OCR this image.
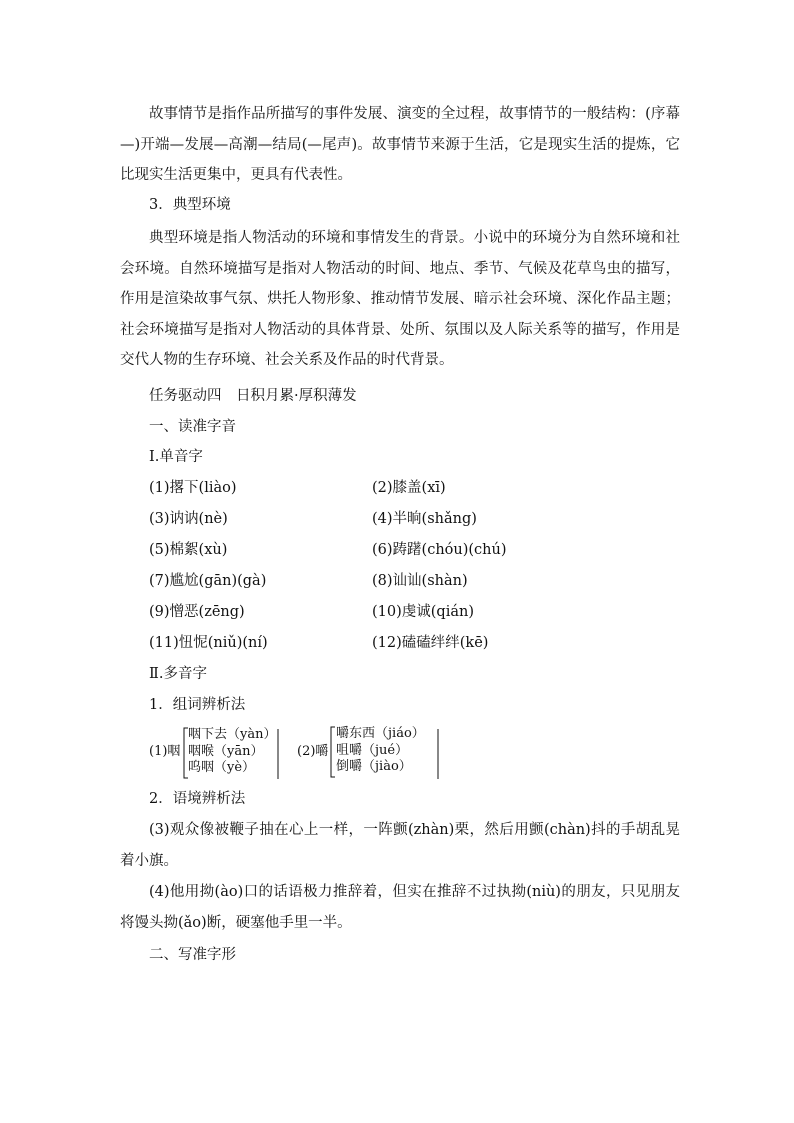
故事情节是指作品所描写的事件发展、演变的全过程，故事情节的一般结构：(序幕—)开端—发展—高潮—结局(—尾声)。故事情节来源于生活，它是现实生活的提炼，它比现实生活更集中，更具有代表性。

3．典型环境

典型环境是指人物活动的环境和事情发生的背景。小说中的环境分为自然环境和社会环境。自然环境描写是指对人物活动的时间、地点、季节、气候及花草鸟虫的描写，作用是渲染故事气氛、烘托人物形象、推动情节发展、暗示社会环境、深化作品主题；社会环境描写是指对人物活动的具体背景、处所、氛围以及人际关系等的描写，作用是交代人物的生存环境、社会关系及作品的时代背景。

任务驱动四　日积月累·厚积薄发

一、读准字音

Ⅰ.单音字

(1)撂下(liào)	(2)膝盖(xī)

(3)讷讷(nè)	(4)半晌(shǎng)

(5)棉絮(xù)	(6)踌躇(chóu)(chú)

(7)尴尬(gān)(gà)	(8)讪讪(shàn)

(9)憎恶(zēng)	(10)虔诚(qián)

(11)忸怩(niǔ)(ní)	(12)磕磕绊绊(kē)

Ⅱ.多音字

1．组词辨析法

(1)咽
咽下去（yàn）
咽喉（yān）
呜咽（yè）
(2)嚼
嚼东西（jiáo）
咀嚼（jué）
倒嚼（jiào）

2．语境辨析法

(3)观众像被鞭子抽在心上一样，一阵颤(zhàn)栗，然后用颤(chàn)抖的手胡乱晃着小旗。

(4)他用拗(ào)口的话语极力推辞着，但实在推辞不过执拗(niù)的朋友，只见朋友将馒头拗(ǎo)断，硬塞他手里一半。

二、写准字形
